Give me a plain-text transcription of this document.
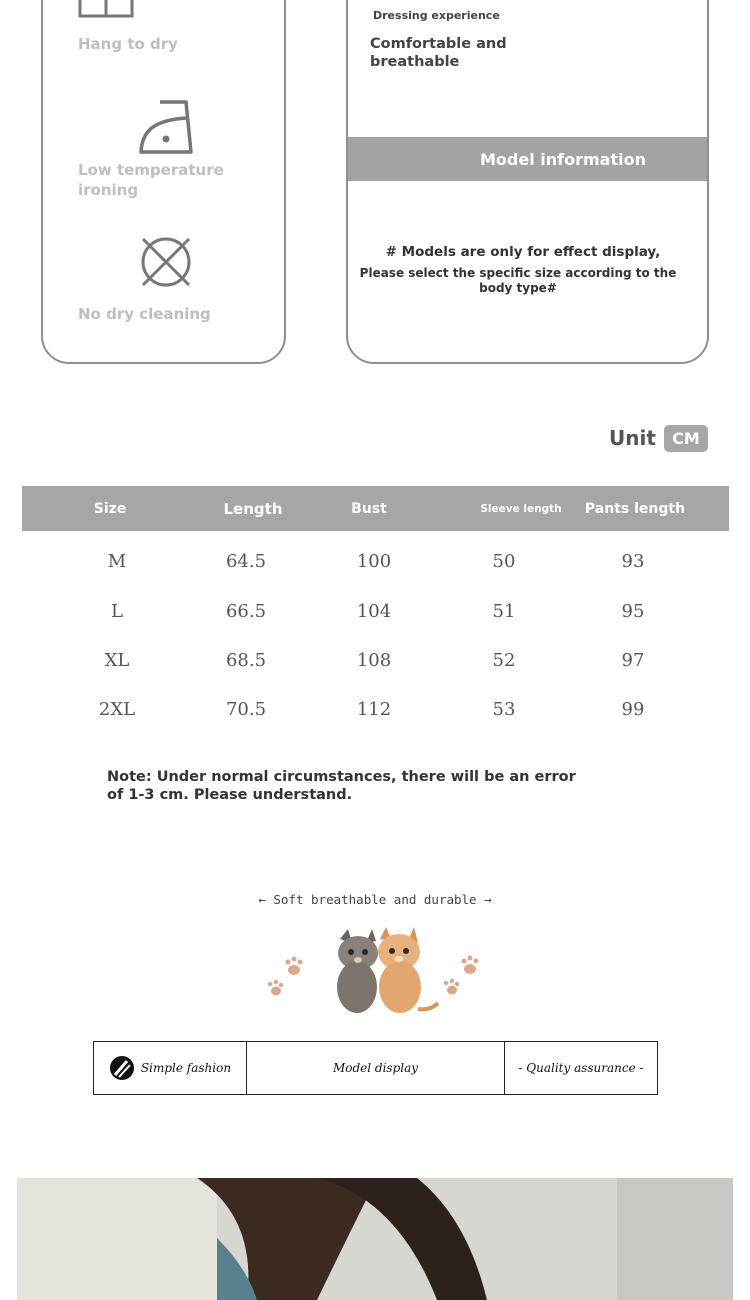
Hang to dry
Low temperature ironing
No dry cleaning
Dressing experience
Comfortable and breathable
Model information
# Models are only for effect display,
Please select the specific size according to the body type#
Unit	CM
Size	Length	Bust	Sleeve length	Pants length
M	64.5	100	50	93
L	66.5	104	51	95
XL	68.5	108	52	97
2XL	70.5	112	53	99
Note: Under normal circumstances, there will be an error of 1-3 cm. Please understand.
← Soft breathable and durable →
Simple fashion	Model display	- Quality assurance -
